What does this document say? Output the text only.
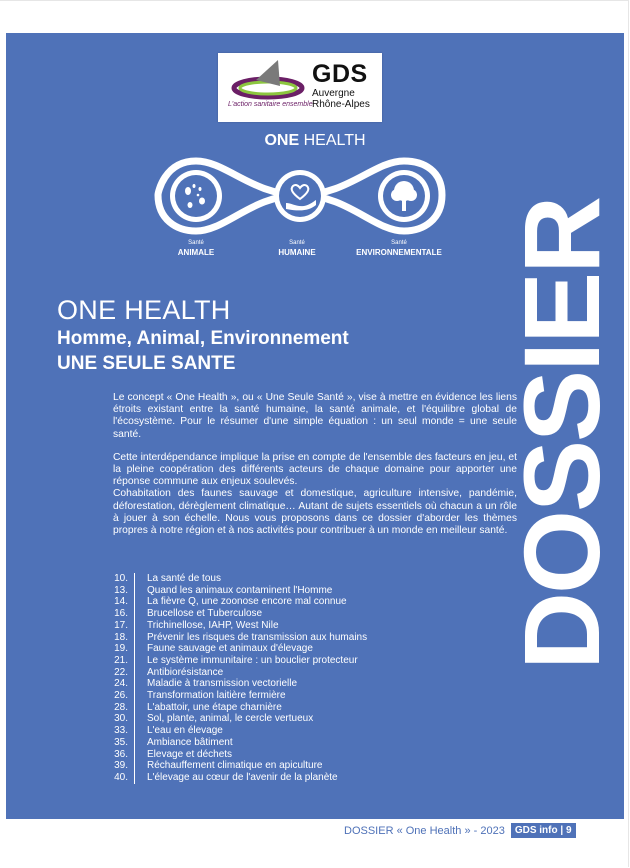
GDS
Auvergne
Rhône-Alpes
L'action sanitaire ensemble
ONE HEALTH
Santé
ANIMALE
Santé
HUMAINE
Santé
ENVIRONNEMENTALE
ONE HEALTH
Homme, Animal, Environnement
UNE SEULE SANTE

Le concept « One Health », ou « Une Seule Santé », vise à mettre en évidence les liens étroits existant entre la santé humaine, la santé animale, et l'équilibre global de l'écosystème. Pour le résumer d'une simple équation : un seul monde = une seule santé.

Cette interdépendance implique la prise en compte de l'ensemble des facteurs en jeu, et la pleine coopération des différents acteurs de chaque domaine pour apporter une réponse commune aux enjeux soulevés.

Cohabitation des faunes sauvage et domestique, agriculture intensive, pandémie, déforestation, dérèglement climatique… Autant de sujets essentiels où chacun a un rôle à jouer à son échelle. Nous vous proposons dans ce dossier d'aborder les thèmes propres à notre région et à nos activités pour contribuer à un monde en meilleur santé.

10.	La santé de tous
13.	Quand les animaux contaminent l'Homme
14.	La fièvre Q, une zoonose encore mal connue
16.	Brucellose et Tuberculose
17.	Trichinellose, IAHP, West Nile
18.	Prévenir les risques de transmission aux humains
19.	Faune sauvage et animaux d'élevage
21.	Le système immunitaire : un bouclier protecteur
22.	Antibiorésistance
24.	Maladie à transmission vectorielle
26.	Transformation laitière fermière
28.	L'abattoir, une étape charnière
30.	Sol, plante, animal, le cercle vertueux
33.	L'eau en élevage
35.	Ambiance bâtiment
36.	Elevage et déchets
39.	Réchauffement climatique en apiculture
40.	L'élevage au cœur de l'avenir de la planète
DOSSIER
DOSSIER « One Health » - 2023	GDS info | 9
